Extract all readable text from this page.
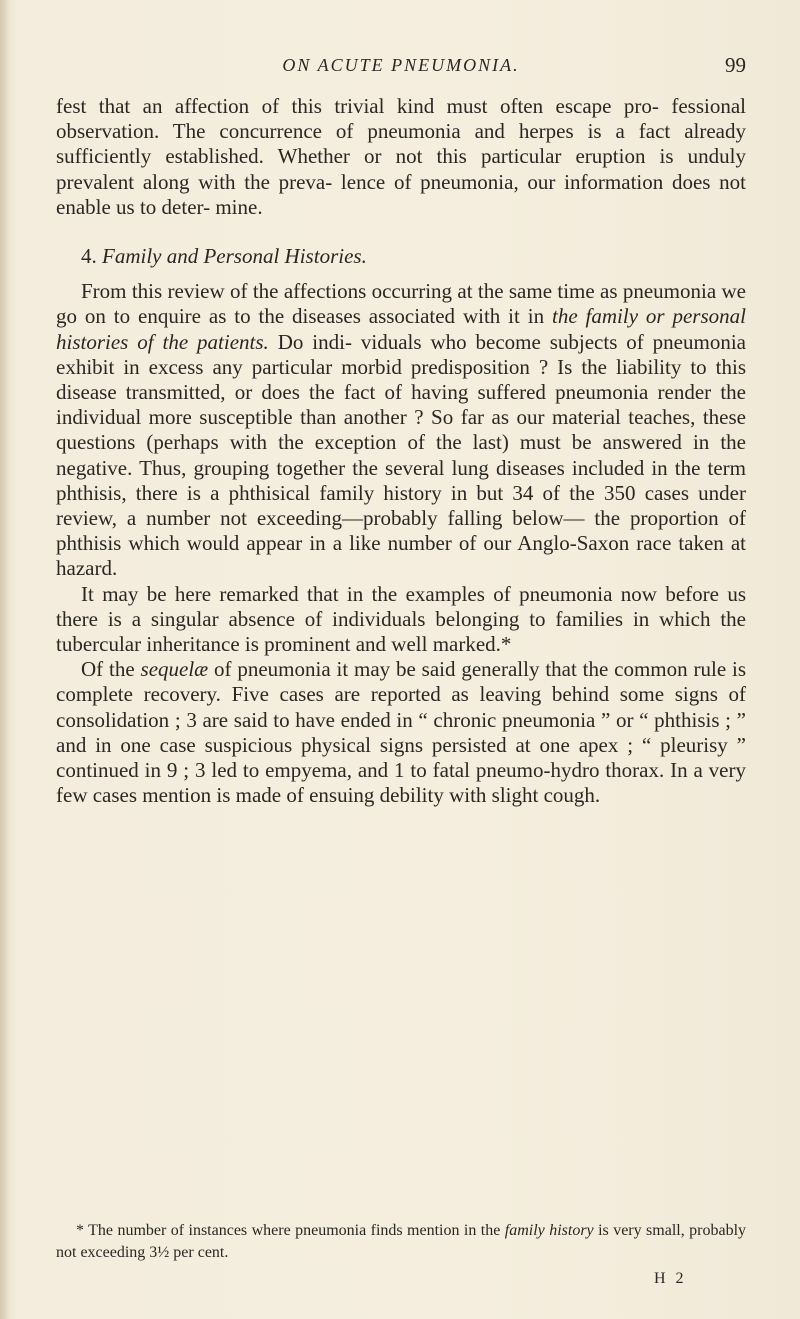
ON ACUTE PNEUMONIA.	99

fest that an affection of this trivial kind must often escape pro- fessional observation. The concurrence of pneumonia and herpes is a fact already sufficiently established. Whether or not this particular eruption is unduly prevalent along with the preva- lence of pneumonia, our information does not enable us to deter- mine.

4. Family and Personal Histories.

From this review of the affections occurring at the same time as pneumonia we go on to enquire as to the diseases associated with it in the family or personal histories of the patients. Do indi- viduals who become subjects of pneumonia exhibit in excess any particular morbid predisposition ? Is the liability to this disease transmitted, or does the fact of having suffered pneumonia render the individual more susceptible than another ? So far as our material teaches, these questions (perhaps with the exception of the last) must be answered in the negative. Thus, grouping together the several lung diseases included in the term phthisis, there is a phthisical family history in but 34 of the 350 cases under review, a number not exceeding—probably falling below— the proportion of phthisis which would appear in a like number of our Anglo-Saxon race taken at hazard.

It may be here remarked that in the examples of pneumonia now before us there is a singular absence of individuals belonging to families in which the tubercular inheritance is prominent and well marked.*

Of the sequelæ of pneumonia it may be said generally that the common rule is complete recovery. Five cases are reported as leaving behind some signs of consolidation ; 3 are said to have ended in “ chronic pneumonia ” or “ phthisis ; ” and in one case suspicious physical signs persisted at one apex ; “ pleurisy ” continued in 9 ; 3 led to empyema, and 1 to fatal pneumo-hydro thorax. In a very few cases mention is made of ensuing debility with slight cough.

* The number of instances where pneumonia finds mention in the family history is very small, probably not exceeding 3½ per cent.

H 2
